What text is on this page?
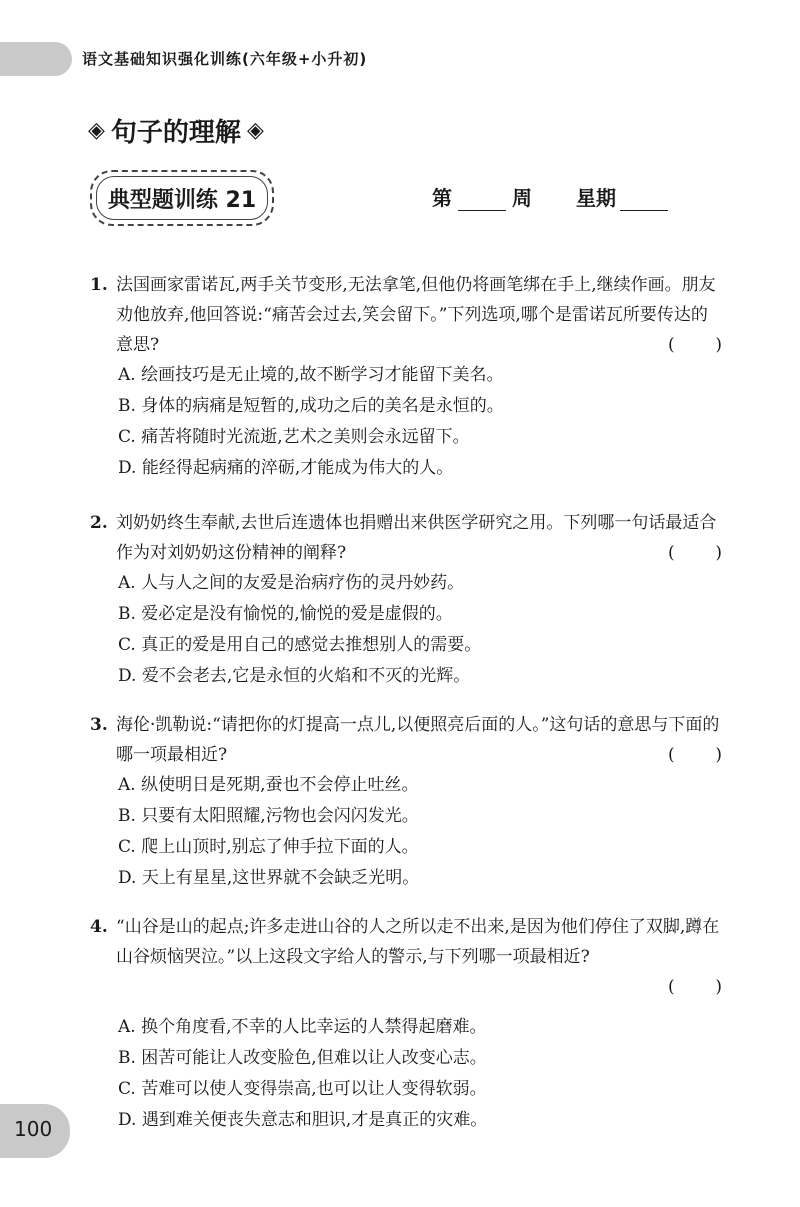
语文基础知识强化训练(六年级+小升初)
◈ 句子的理解 ◈
典型题训练 21	第	周 星期
1. 法国画家雷诺瓦,两手关节变形,无法拿笔,但他仍将画笔绑在手上,继续作画。朋友劝他放弃,他回答说:“痛苦会过去,笑会留下。”下列选项,哪个是雷诺瓦所要传达的意思?	( )
A. 绘画技巧是无止境的,故不断学习才能留下美名。
B. 身体的病痛是短暂的,成功之后的美名是永恒的。
C. 痛苦将随时光流逝,艺术之美则会永远留下。
D. 能经得起病痛的淬砺,才能成为伟大的人。
2. 刘奶奶终生奉献,去世后连遗体也捐赠出来供医学研究之用。下列哪一句话最适合作为对刘奶奶这份精神的阐释?	( )
A. 人与人之间的友爱是治病疗伤的灵丹妙药。
B. 爱必定是没有愉悦的,愉悦的爱是虚假的。
C. 真正的爱是用自己的感觉去推想别人的需要。
D. 爱不会老去,它是永恒的火焰和不灭的光辉。
3. 海伦·凯勒说:“请把你的灯提高一点儿,以便照亮后面的人。”这句话的意思与下面的哪一项最相近?	( )
A. 纵使明日是死期,蚕也不会停止吐丝。
B. 只要有太阳照耀,污物也会闪闪发光。
C. 爬上山顶时,别忘了伸手拉下面的人。
D. 天上有星星,这世界就不会缺乏光明。
4. “山谷是山的起点;许多走进山谷的人之所以走不出来,是因为他们停住了双脚,蹲在山谷烦恼哭泣。”以上这段文字给人的警示,与下列哪一项最相近?
( )
A. 换个角度看,不幸的人比幸运的人禁得起磨难。
B. 困苦可能让人改变脸色,但难以让人改变心志。
C. 苦难可以使人变得崇高,也可以让人变得软弱。
D. 遇到难关便丧失意志和胆识,才是真正的灾难。
100
